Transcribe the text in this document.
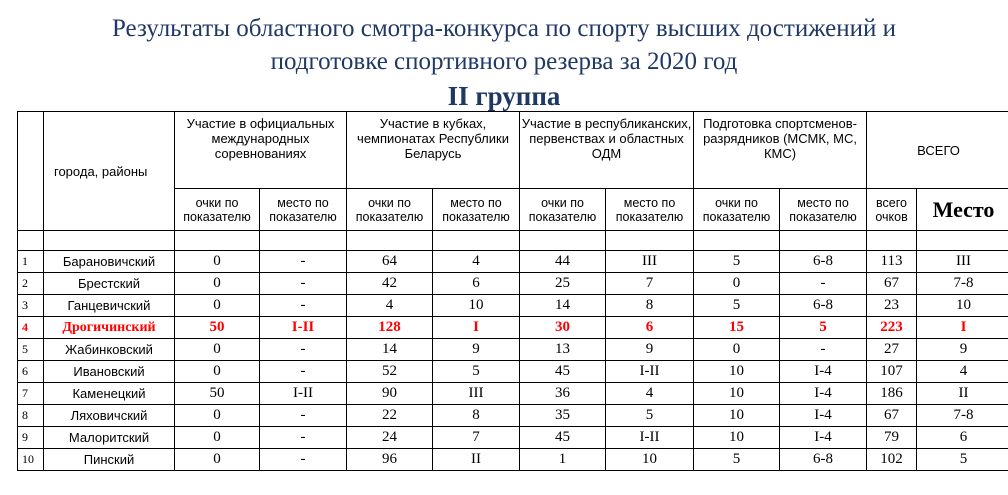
Результаты областного смотра-конкурса по спорту высших достижений и
подготовке спортивного резерва за 2020 год
II группа
	города, районы	Участие в официальных международных соревнованиях		Участие в кубках, чемпионатах Республики Беларусь		Участие в республиканских, первенствах и областных ОДМ		Подготовка спортсменов-разрядников (МСМК, МС, КМС)		ВСЕГО	
		очки по показателю	место по показателю	очки по показателю	место по показателю	очки по показателю	место по показателю	очки по показателю	место по показателю	всего очков	Место

1	Барановичский	0	-	64	4	44	III	5	6-8	113	III
2	Брестский	0	-	42	6	25	7	0	-	67	7-8
3	Ганцевичский	0	-	4	10	14	8	5	6-8	23	10
4	Дрогичинский	50	I-II	128	I	30	6	15	5	223	I
5	Жабинковский	0	-	14	9	13	9	0	-	27	9
6	Ивановский	0	-	52	5	45	I-II	10	I-4	107	4
7	Каменецкий	50	I-II	90	III	36	4	10	I-4	186	II
8	Ляховичский	0	-	22	8	35	5	10	I-4	67	7-8
9	Малоритский	0	-	24	7	45	I-II	10	I-4	79	6
10	Пинский	0	-	96	II	1	10	5	6-8	102	5
